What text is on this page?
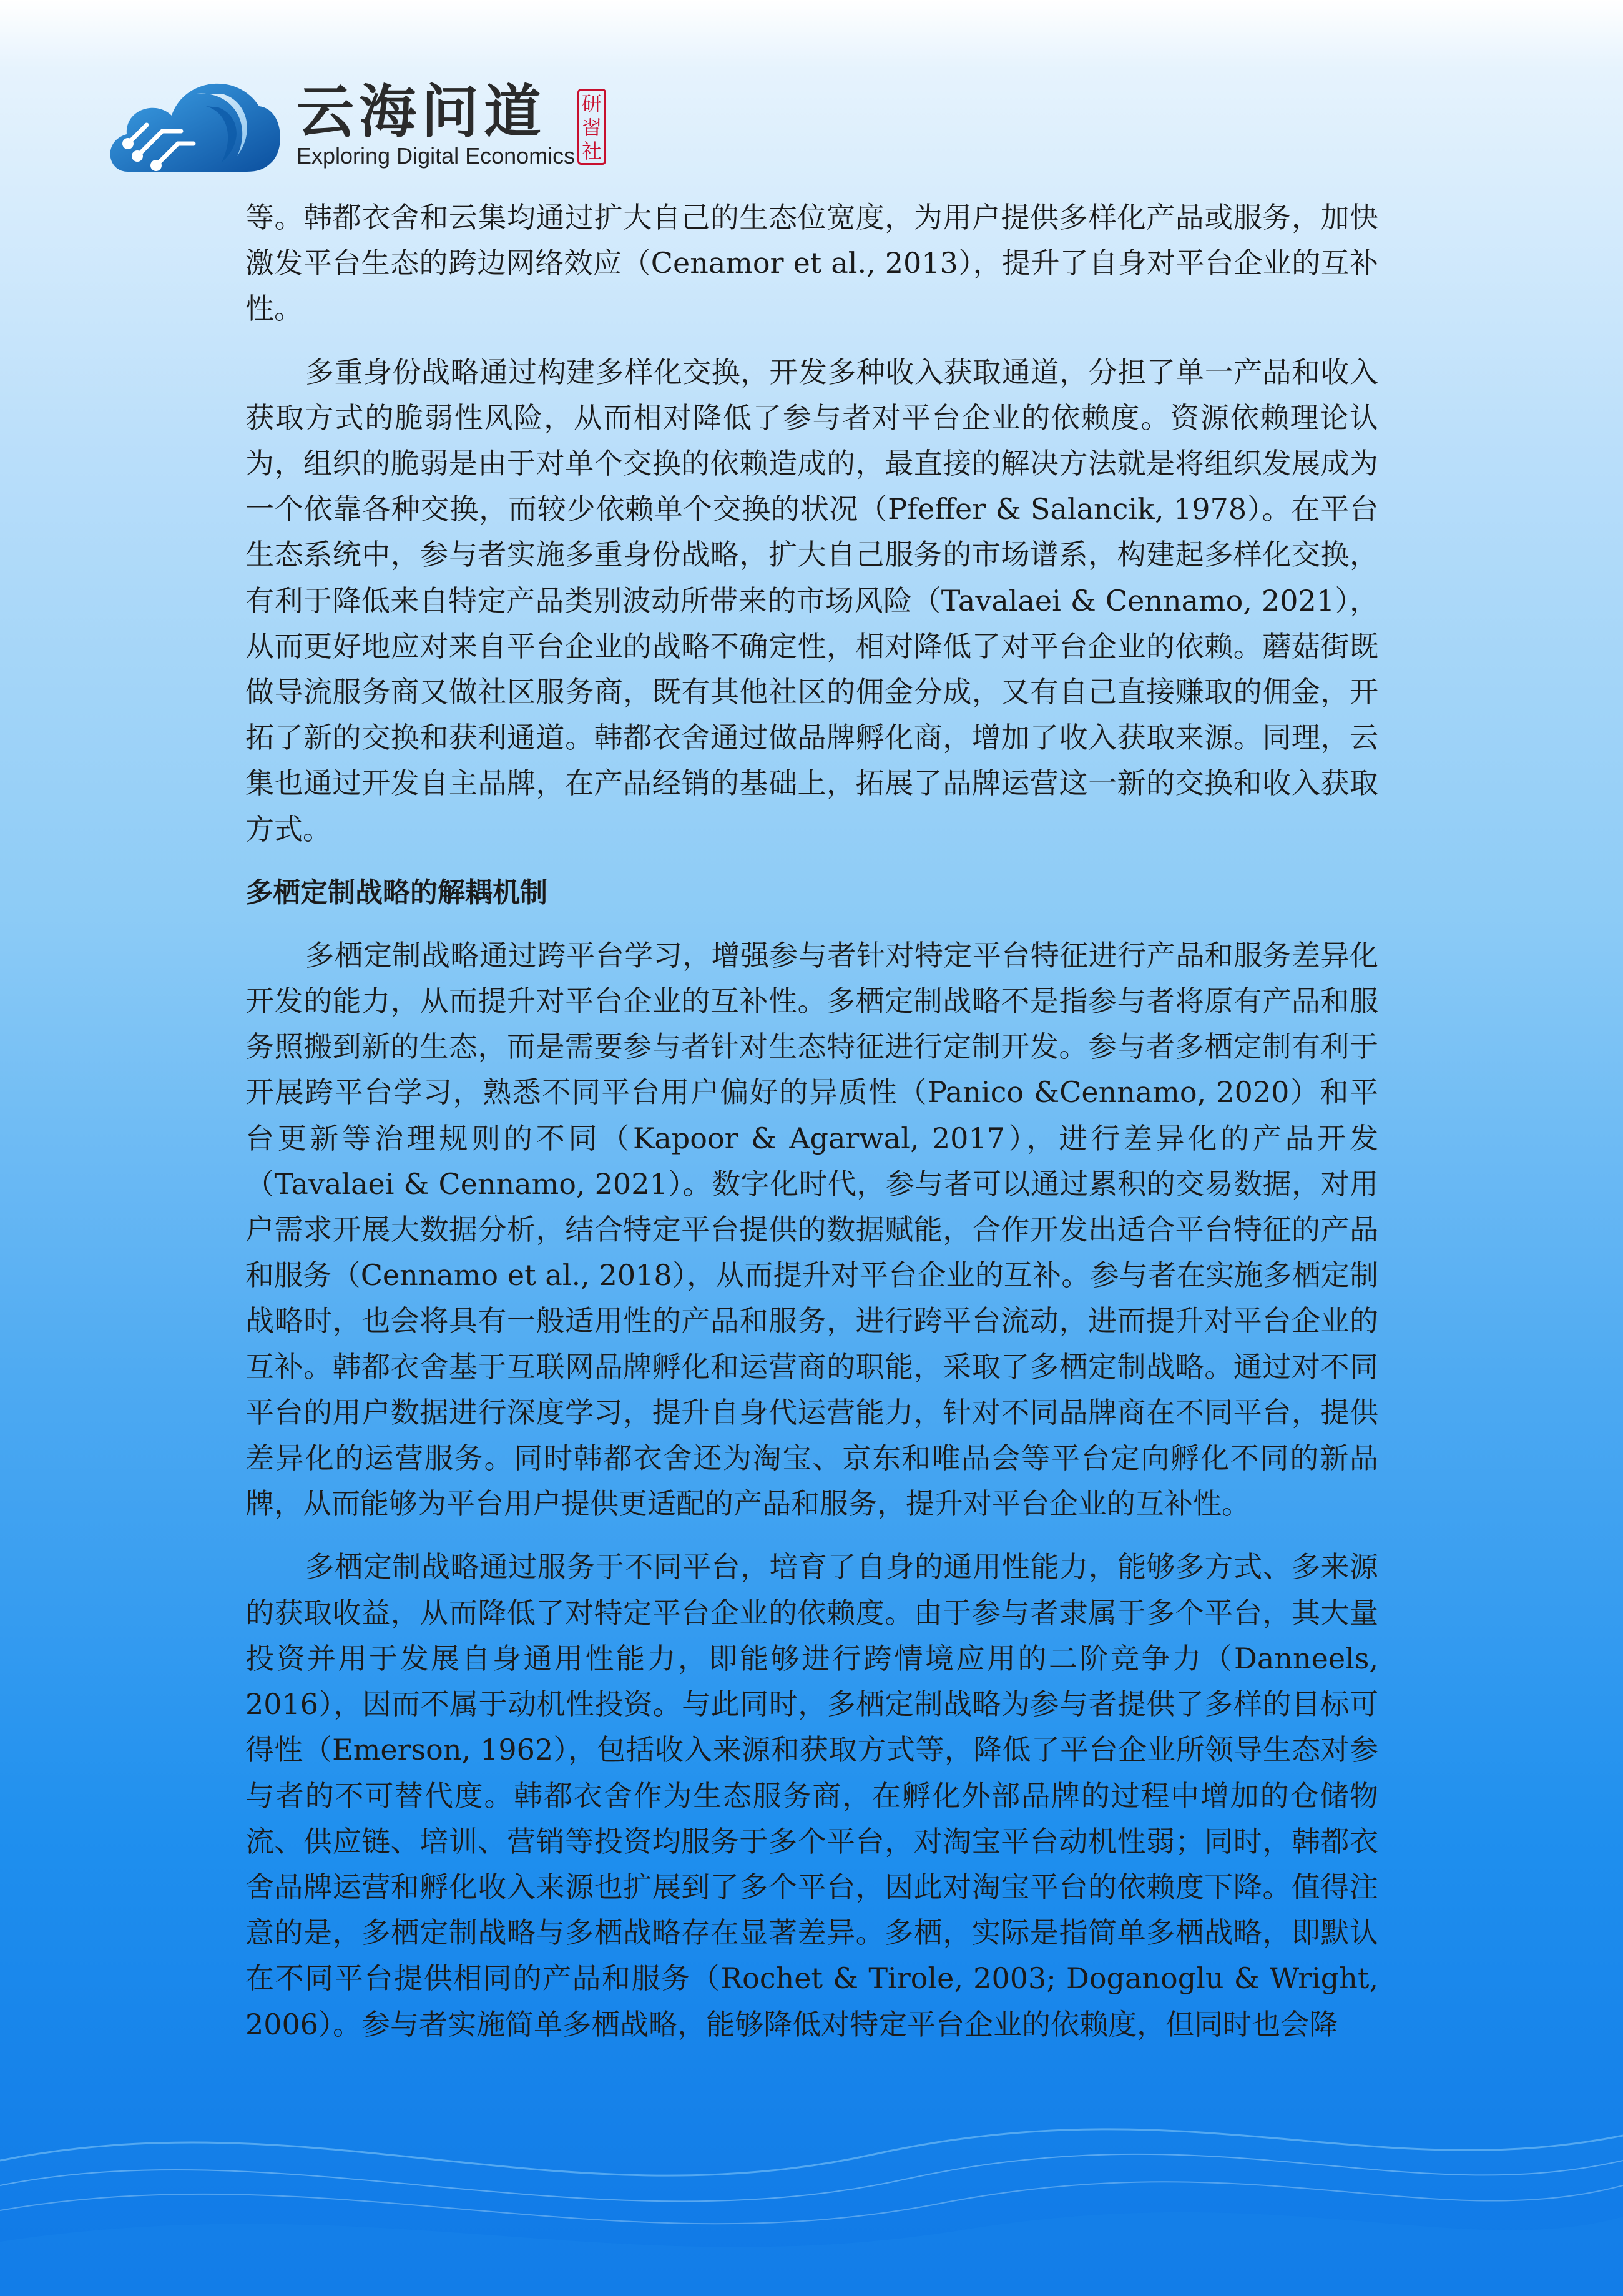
云海问道
Exploring Digital Economics
研習社

等。韩都衣舍和云集均通过扩大自己的生态位宽度，为用户提供多样化产品或服务，加快激发平台生态的跨边网络效应（Cenamor et al., 2013），提升了自身对平台企业的互补性。

多重身份战略通过构建多样化交换，开发多种收入获取通道，分担了单一产品和收入获取方式的脆弱性风险，从而相对降低了参与者对平台企业的依赖度。资源依赖理论认为，组织的脆弱是由于对单个交换的依赖造成的，最直接的解决方法就是将组织发展成为一个依靠各种交换，而较少依赖单个交换的状况（Pfeffer & Salancik, 1978）。在平台生态系统中，参与者实施多重身份战略，扩大自己服务的市场谱系，构建起多样化交换，有利于降低来自特定产品类别波动所带来的市场风险（Tavalaei & Cennamo, 2021），从而更好地应对来自平台企业的战略不确定性，相对降低了对平台企业的依赖。蘑菇街既做导流服务商又做社区服务商，既有其他社区的佣金分成，又有自己直接赚取的佣金，开拓了新的交换和获利通道。韩都衣舍通过做品牌孵化商，增加了收入获取来源。同理，云集也通过开发自主品牌，在产品经销的基础上，拓展了品牌运营这一新的交换和收入获取方式。

多栖定制战略的解耦机制

多栖定制战略通过跨平台学习，增强参与者针对特定平台特征进行产品和服务差异化开发的能力，从而提升对平台企业的互补性。多栖定制战略不是指参与者将原有产品和服务照搬到新的生态，而是需要参与者针对生态特征进行定制开发。参与者多栖定制有利于开展跨平台学习，熟悉不同平台用户偏好的异质性（Panico &Cennamo, 2020）和平台更新等治理规则的不同（Kapoor & Agarwal, 2017），进行差异化的产品开发（Tavalaei & Cennamo, 2021）。数字化时代，参与者可以通过累积的交易数据，对用户需求开展大数据分析，结合特定平台提供的数据赋能，合作开发出适合平台特征的产品和服务（Cennamo et al., 2018），从而提升对平台企业的互补。参与者在实施多栖定制战略时，也会将具有一般适用性的产品和服务，进行跨平台流动，进而提升对平台企业的互补。韩都衣舍基于互联网品牌孵化和运营商的职能，采取了多栖定制战略。通过对不同平台的用户数据进行深度学习，提升自身代运营能力，针对不同品牌商在不同平台，提供差异化的运营服务。同时韩都衣舍还为淘宝、京东和唯品会等平台定向孵化不同的新品牌，从而能够为平台用户提供更适配的产品和服务，提升对平台企业的互补性。

多栖定制战略通过服务于不同平台，培育了自身的通用性能力，能够多方式、多来源的获取收益，从而降低了对特定平台企业的依赖度。由于参与者隶属于多个平台，其大量投资并用于发展自身通用性能力，即能够进行跨情境应用的二阶竞争力（Danneels, 2016），因而不属于动机性投资。与此同时，多栖定制战略为参与者提供了多样的目标可得性（Emerson, 1962），包括收入来源和获取方式等，降低了平台企业所领导生态对参与者的不可替代度。韩都衣舍作为生态服务商，在孵化外部品牌的过程中增加的仓储物流、供应链、培训、营销等投资均服务于多个平台，对淘宝平台动机性弱；同时，韩都衣舍品牌运营和孵化收入来源也扩展到了多个平台，因此对淘宝平台的依赖度下降。值得注意的是，多栖定制战略与多栖战略存在显著差异。多栖，实际是指简单多栖战略，即默认在不同平台提供相同的产品和服务（Rochet & Tirole, 2003; Doganoglu & Wright, 2006）。参与者实施简单多栖战略，能够降低对特定平台企业的依赖度，但同时也会降
